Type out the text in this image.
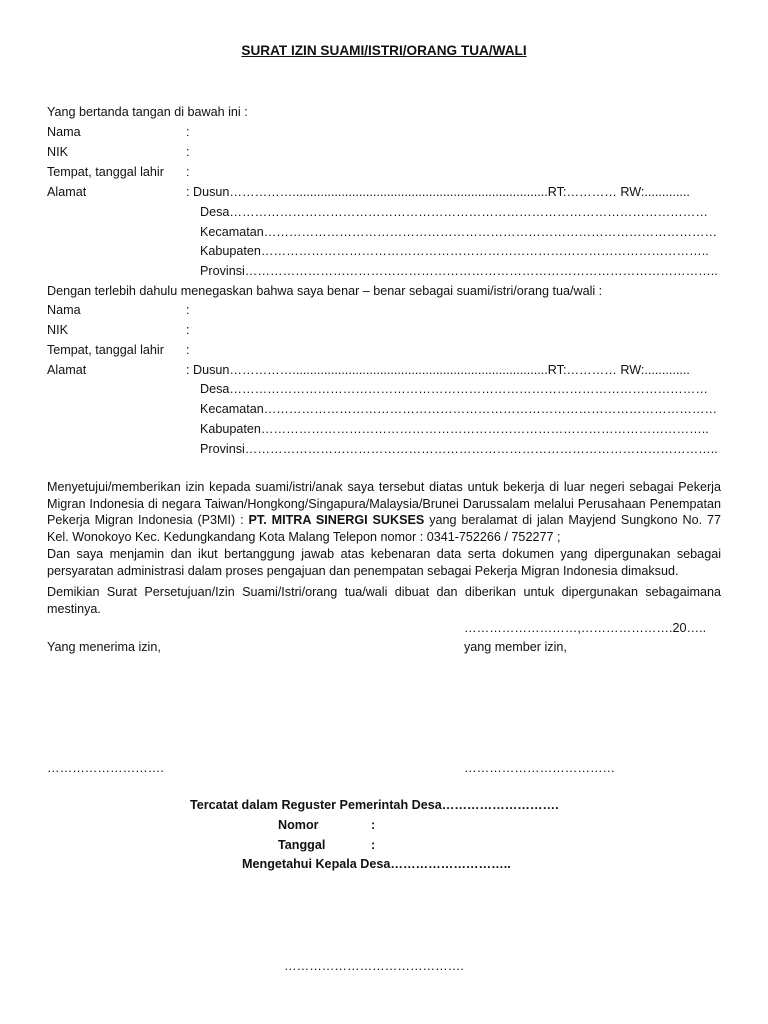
SURAT IZIN SUAMI/ISTRI/ORANG TUA/WALI
Yang bertanda tangan di bawah ini :
Nama	:
NIK	:
Tempat, tanggal lahir :
Alamat	: Dusun…………….........................................................................RT:………… RW:.............
Desa……………………………………………………………………………………………………
Kecamatan………………………………………………………………………………………………
Kabupaten……………………………………………………………………………………………..
Provinsi…………………………………………………………………………………………………..
Dengan terlebih dahulu menegaskan bahwa saya benar – benar sebagai suami/istri/orang tua/wali :
Nama	:
NIK	:
Tempat, tanggal lahir :
Alamat	: Dusun…………….........................................................................RT:………… RW:.............
Desa……………………………………………………………………………………………………
Kecamatan………………………………………………………………………………………………
Kabupaten……………………………………………………………………………………………..
Provinsi…………………………………………………………………………………………………..
Menyetujui/memberikan izin kepada suami/istri/anak saya tersebut diatas untuk bekerja di luar negeri sebagai Pekerja Migran Indonesia di negara Taiwan/Hongkong/Singapura/Malaysia/Brunei Darussalam melalui Perusahaan Penempatan Pekerja Migran Indonesia (P3MI) : PT. MITRA SINERGI SUKSES yang beralamat di jalan Mayjend Sungkono No. 77 Kel. Wonokoyo Kec. Kedungkandang Kota Malang Telepon nomor : 0341-752266 / 752277 ;
Dan saya menjamin dan ikut bertanggung jawab atas kebenaran data serta dokumen yang dipergunakan sebagai persyaratan administrasi dalam proses pengajuan dan penempatan sebagai Pekerja Migran Indonesia dimaksud.
Demikian Surat Persetujuan/Izin Suami/Istri/orang tua/wali dibuat dan diberikan untuk dipergunakan sebagaimana mestinya.
………………………,………………….20…..
Yang menerima izin,	yang member izin,
……………………….	………………………………
Tercatat dalam Reguster Pemerintah Desa……………………….
Nomor	:
Tanggal	:
Mengetahui Kepala Desa………………………..
…………………………………….
